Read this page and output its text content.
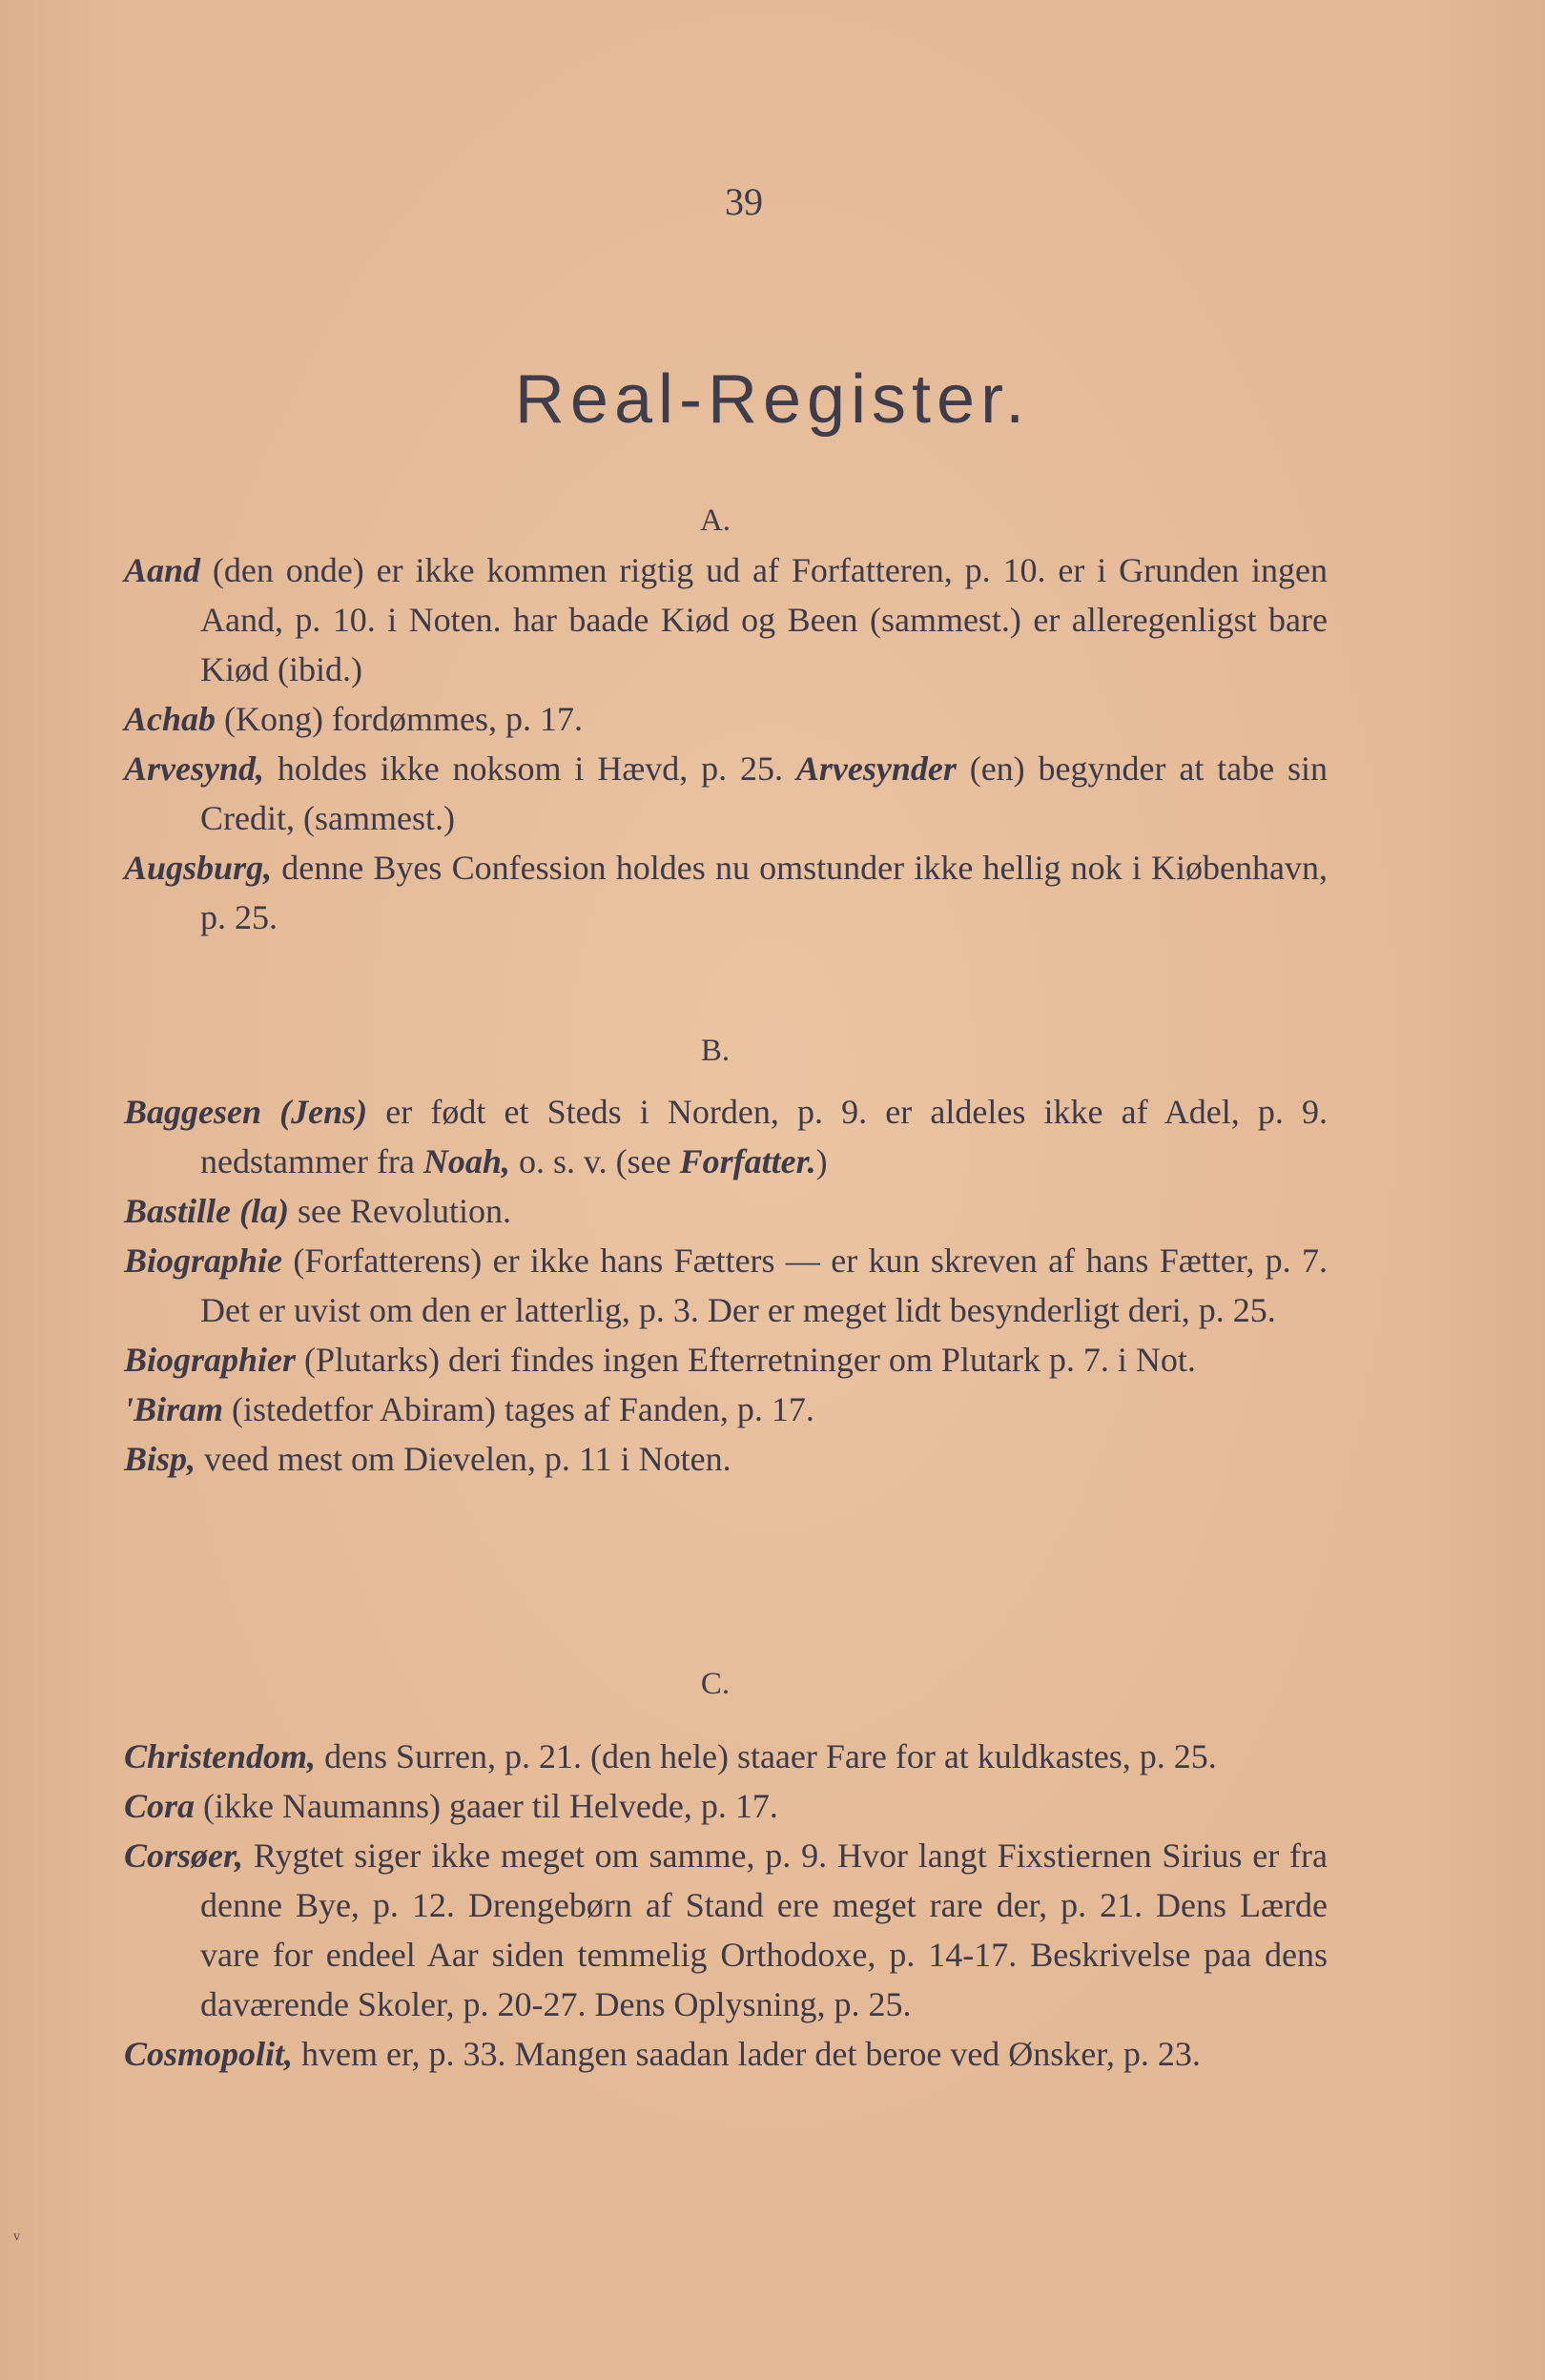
39
Real-Register.
A.
Aand (den onde) er ikke kommen rigtig ud af Forfatteren, p. 10. er i Grunden ingen Aand, p. 10. i Noten. har baade Kiød og Been (sammest.) er alleregenligst bare Kiød (ibid.)
Achab (Kong) fordømmes, p. 17.
Arvesynd, holdes ikke noksom i Hævd, p. 25. Arvesynder (en) begynder at tabe sin Credit, (sammest.)
Augsburg, denne Byes Confession holdes nu omstunder ikke hellig nok i Kiøbenhavn, p. 25.
B.
Baggesen (Jens) er født et Steds i Norden, p. 9. er aldeles ikke af Adel, p. 9. nedstammer fra Noah, o. s. v. (see Forfatter.)
Bastille (la) see Revolution.
Biographie (Forfatterens) er ikke hans Fætters — er kun skreven af hans Fætter, p. 7. Det er uvist om den er latterlig, p. 3. Der er meget lidt besynderligt deri, p. 25.
Biographier (Plutarks) deri findes ingen Efterretninger om Plutark p. 7. i Not.
'Biram (istedetfor Abiram) tages af Fanden, p. 17.
Bisp, veed mest om Dievelen, p. 11 i Noten.
C.
Christendom, dens Surren, p. 21. (den hele) staaer Fare for at kuldkastes, p. 25.
Cora (ikke Naumanns) gaaer til Helvede, p. 17.
Corsøer, Rygtet siger ikke meget om samme, p. 9. Hvor langt Fixstiernen Sirius er fra denne Bye, p. 12. Drengebørn af Stand ere meget rare der, p. 21. Dens Lærde vare for endeel Aar siden temmelig Orthodoxe, p. 14-17. Beskrivelse paa dens daværende Skoler, p. 20-27. Dens Oplysning, p. 25.
Cosmopolit, hvem er, p. 33. Mangen saadan lader det beroe ved Ønsker, p. 23.
ᵛ
